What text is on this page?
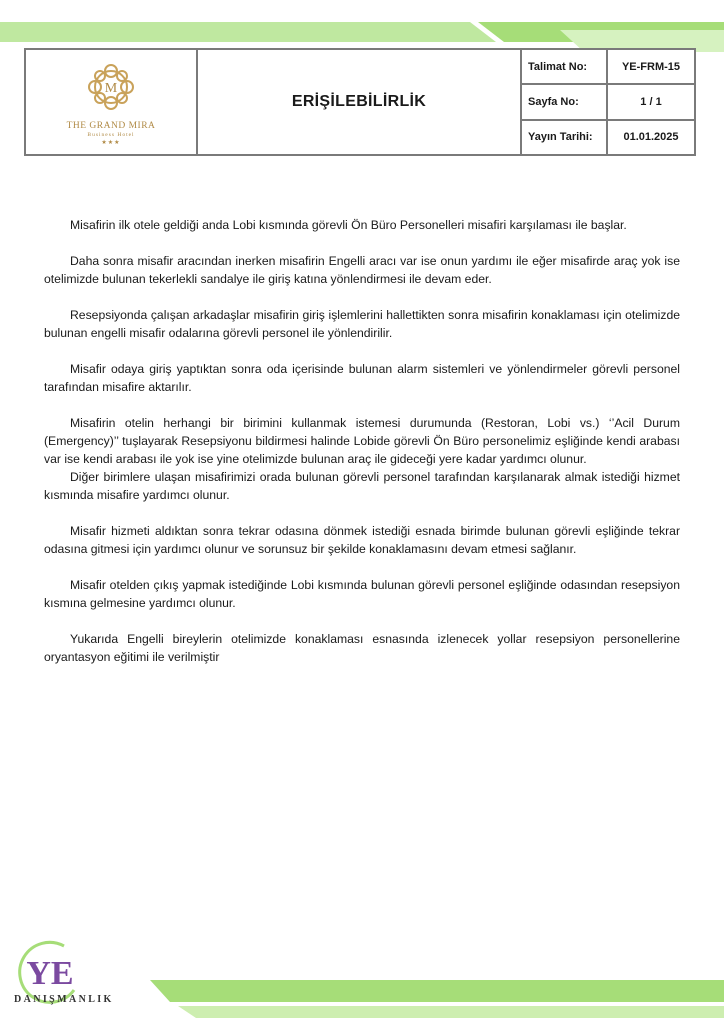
M
THE GRAND MIRA
Business Hotel
★★★
ERİŞİLEBİLİRLİK
Talimat No:	YE-FRM-15
Sayfa No:	1 / 1
Yayın Tarihi:	01.01.2025

Misafirin ilk otele geldiği anda Lobi kısmında görevli Ön Büro Personelleri misafiri karşılaması ile başlar.

Daha sonra misafir aracından inerken misafirin Engelli aracı var ise onun yardımı ile eğer misafirde araç yok ise otelimizde bulunan tekerlekli sandalye ile giriş katına yönlendirmesi ile devam eder.

Resepsiyonda çalışan arkadaşlar misafirin giriş işlemlerini hallettikten sonra misafirin konaklaması için otelimizde bulunan engelli misafir odalarına görevli personel ile yönlendirilir.

Misafir odaya giriş yaptıktan sonra oda içerisinde bulunan alarm sistemleri ve yönlendirmeler görevli personel tarafından misafire aktarılır.

Misafirin otelin herhangi bir birimini kullanmak istemesi durumunda (Restoran, Lobi vs.) ‘’Acil Durum (Emergency)’’ tuşlayarak Resepsiyonu bildirmesi halinde Lobide görevli Ön Büro personelimiz eşliğinde kendi arabası var ise kendi arabası ile yok ise yine otelimizde bulunan araç ile gideceği yere kadar yardımcı olunur.

Diğer birimlere ulaşan misafirimizi orada bulunan görevli personel tarafından karşılanarak almak istediği hizmet kısmında misafire yardımcı olunur.

Misafir hizmeti aldıktan sonra tekrar odasına dönmek istediği esnada birimde bulunan görevli eşliğinde tekrar odasına gitmesi için yardımcı olunur ve sorunsuz bir şekilde konaklamasını devam etmesi sağlanır.

Misafir otelden çıkış yapmak istediğinde Lobi kısmında bulunan görevli personel eşliğinde odasından resepsiyon kısmına gelmesine yardımcı olunur.

Yukarıda Engelli bireylerin otelimizde konaklaması esnasında izlenecek yollar resepsiyon personellerine oryantasyon eğitimi ile verilmiştir

YE
DANIŞMANLIK
